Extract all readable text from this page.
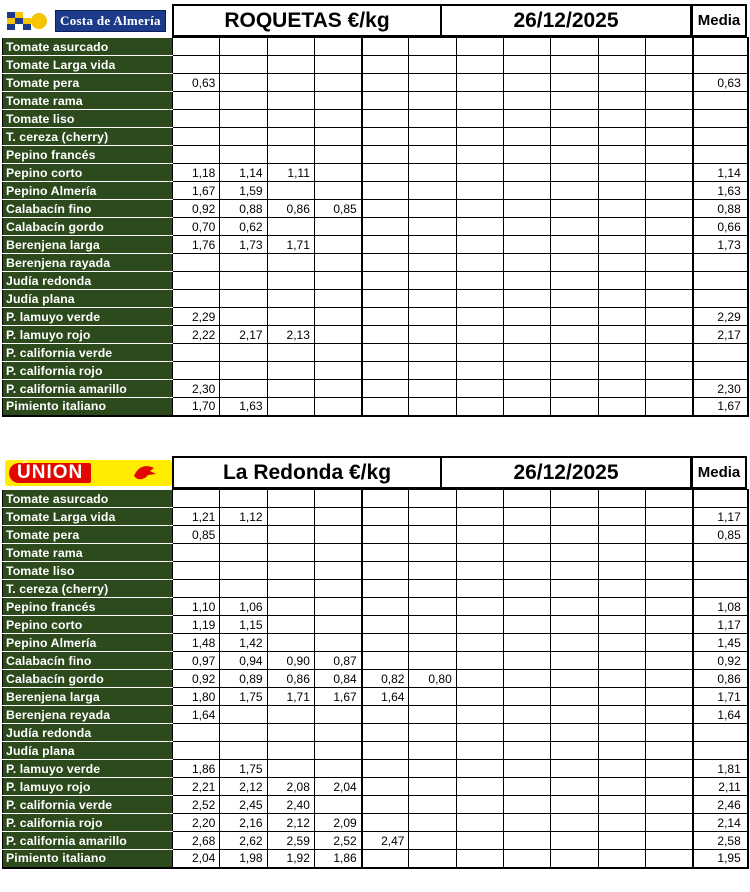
Costa de Almería	ROQUETAS €/kg	26/12/2025	Media
Tomate asurcado												
Tomate Larga vida												
Tomate pera	0,63											0,63
Tomate rama												
Tomate liso												
T. cereza (cherry)												
Pepino francés												
Pepino corto	1,18	1,14	1,11									1,14
Pepino Almería	1,67	1,59										1,63
Calabacín fino	0,92	0,88	0,86	0,85								0,88
Calabacín gordo	0,70	0,62										0,66
Berenjena larga	1,76	1,73	1,71									1,73
Berenjena rayada												
Judía redonda												
Judía plana												
P. lamuyo verde	2,29											2,29
P. lamuyo rojo	2,22	2,17	2,13									2,17
P. california verde												
P. california rojo												
P. california amarillo	2,30											2,30
Pimiento italiano	1,70	1,63										1,67
ÚNION	La Redonda €/kg	26/12/2025	Media
Tomate asurcado												
Tomate Larga vida	1,21	1,12										1,17
Tomate pera	0,85											0,85
Tomate rama												
Tomate liso												
T. cereza (cherry)												
Pepino francés	1,10	1,06										1,08
Pepino corto	1,19	1,15										1,17
Pepino Almería	1,48	1,42										1,45
Calabacín fino	0,97	0,94	0,90	0,87								0,92
Calabacín gordo	0,92	0,89	0,86	0,84	0,82	0,80						0,86
Berenjena larga	1,80	1,75	1,71	1,67	1,64							1,71
Berenjena reyada	1,64											1,64
Judía redonda												
Judía plana												
P. lamuyo verde	1,86	1,75										1,81
P. lamuyo rojo	2,21	2,12	2,08	2,04								2,11
P. california verde	2,52	2,45	2,40									2,46
P. california rojo	2,20	2,16	2,12	2,09								2,14
P. california amarillo	2,68	2,62	2,59	2,52	2,47							2,58
Pimiento italiano	2,04	1,98	1,92	1,86								1,95
